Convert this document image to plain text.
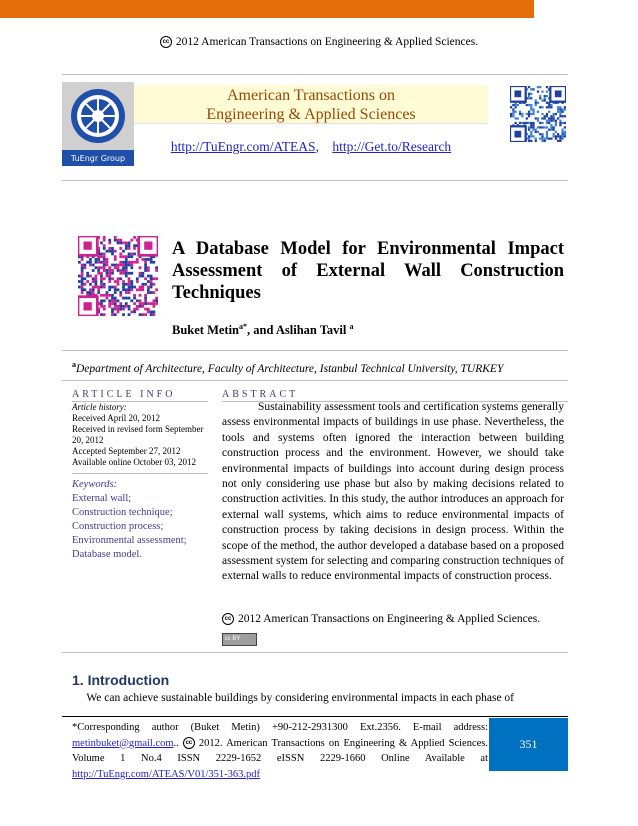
cc 2012 American Transactions on Engineering & Applied Sciences.
TuEngr Group
American Transactions on
Engineering & Applied Sciences
http://TuEngr.com/ATEAS, http://Get.to/Research
A Database Model for Environmental Impact Assessment of External Wall Construction Techniques
Buket Metin$^{a*}$, and Aslihan Tavil $^a$
$^a$Department of Architecture, Faculty of Architecture, Istanbul Technical University, TURKEY
ARTICLE INFO
Article history:
Received April 20, 2012
Received in revised form September 20, 2012
Accepted September 27, 2012
Available online October 03, 2012
Keywords:
External wall;
Construction technique;
Construction process;
Environmental assessment;
Database model.
ABSTRACT

Sustainability assessment tools and certification systems generally assess environmental impacts of buildings in use phase. Nevertheless, the tools and systems often ignored the interaction between building construction process and the environment. However, we should take environmental impacts of buildings into account during design process not only considering use phase but also by making decisions related to construction activities. In this study, the author introduces an approach for external wall systems, which aims to reduce environmental impacts of construction process by taking decisions in design process. Within the scope of the method, the author developed a database based on a proposed assessment system for selecting and comparing construction techniques of external walls to reduce environmental impacts of construction process.

cc 2012 American Transactions on Engineering & Applied Sciences.
cc BY
1. Introduction
We can achieve sustainable buildings by considering environmental impacts in each phase of
*Corresponding author (Buket Metin) +90-212-2931300 Ext.2356. E-mail address: metinbuket@gmail.com.. cc 2012. American Transactions on Engineering & Applied Sciences. Volume 1 No.4 ISSN 2229-1652 eISSN 2229-1660 Online Available at http://TuEngr.com/ATEAS/V01/351-363.pdf
351
